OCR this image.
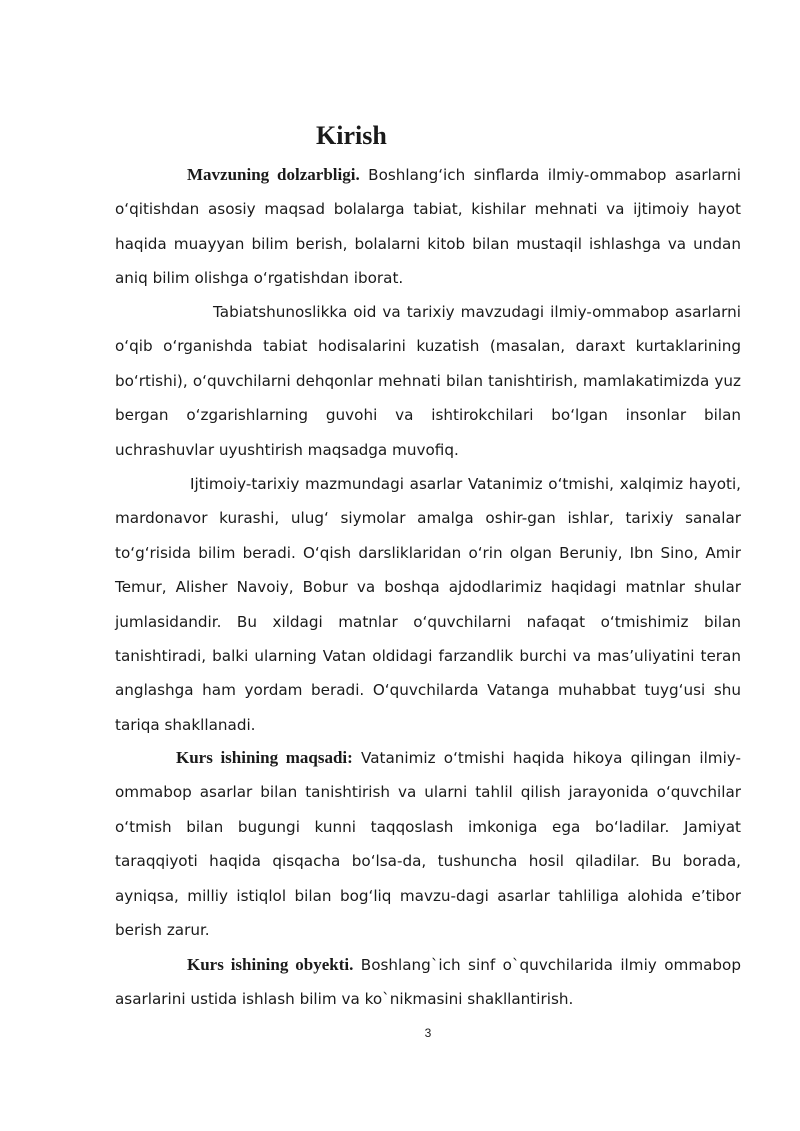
Kirish

Mavzuning dolzarbligi. Boshlang‘ich sinflarda ilmiy-ommabop asarlarni o‘qitishdan asosiy maqsad bolalarga tabiat, kishilar mehnati va ijtimoiy hayot haqida muayyan bilim berish, bolalarni kitob bilan mustaqil ishlashga va undan aniq bilim olishga o‘rgatishdan iborat.

Tabiatshunoslikka oid va tarixiy mavzudagi ilmiy-ommabop asarlarni o‘qib o‘rganishda tabiat hodisalarini kuzatish (masalan, daraxt kurtaklarining bo‘rtishi), o‘quvchilarni dehqonlar mehnati bilan tanishtirish, mamlakatimizda yuz bergan o‘zgarishlarning guvohi va ishtirokchilari bo‘lgan insonlar bilan uchrashuvlar uyushtirish maqsadga muvofiq.

Ijtimoiy-tarixiy mazmundagi asarlar Vatanimiz o‘tmishi, xalqimiz hayoti, mardonavor kurashi, ulug‘ siymolar amalga oshir-gan ishlar, tarixiy sanalar to‘g‘risida bilim beradi. O‘qish darsliklaridan o‘rin olgan Beruniy, Ibn Sino, Amir Temur, Alisher Navoiy, Bobur va boshqa ajdodlarimiz haqidagi matnlar shular jumlasidandir. Bu xildagi matnlar o‘quvchilarni nafaqat o‘tmishimiz bilan tanishtiradi, balki ularning Vatan oldidagi farzandlik burchi va mas’uliyatini teran anglashga ham yordam beradi. O‘quvchilarda Vatanga muhabbat tuyg‘usi shu tariqa shakllanadi.

Kurs ishining maqsadi: Vatanimiz o‘tmishi haqida hikoya qilingan ilmiy-ommabop asarlar bilan tanishtirish va ularni tahlil qilish jarayonida o‘quvchilar o‘tmish bilan bugungi kunni taqqoslash imkoniga ega bo‘ladilar. Jamiyat taraqqiyoti haqida qisqacha bo‘lsa-da, tushuncha hosil qiladilar. Bu borada, ayniqsa, milliy istiqlol bilan bog‘liq mavzu-dagi asarlar tahliliga alohida e’tibor berish zarur.

Kurs ishining obyekti. Boshlang`ich sinf o`quvchilarida ilmiy ommabop asarlarini ustida ishlash bilim va ko`nikmasini shakllantirish.

3
